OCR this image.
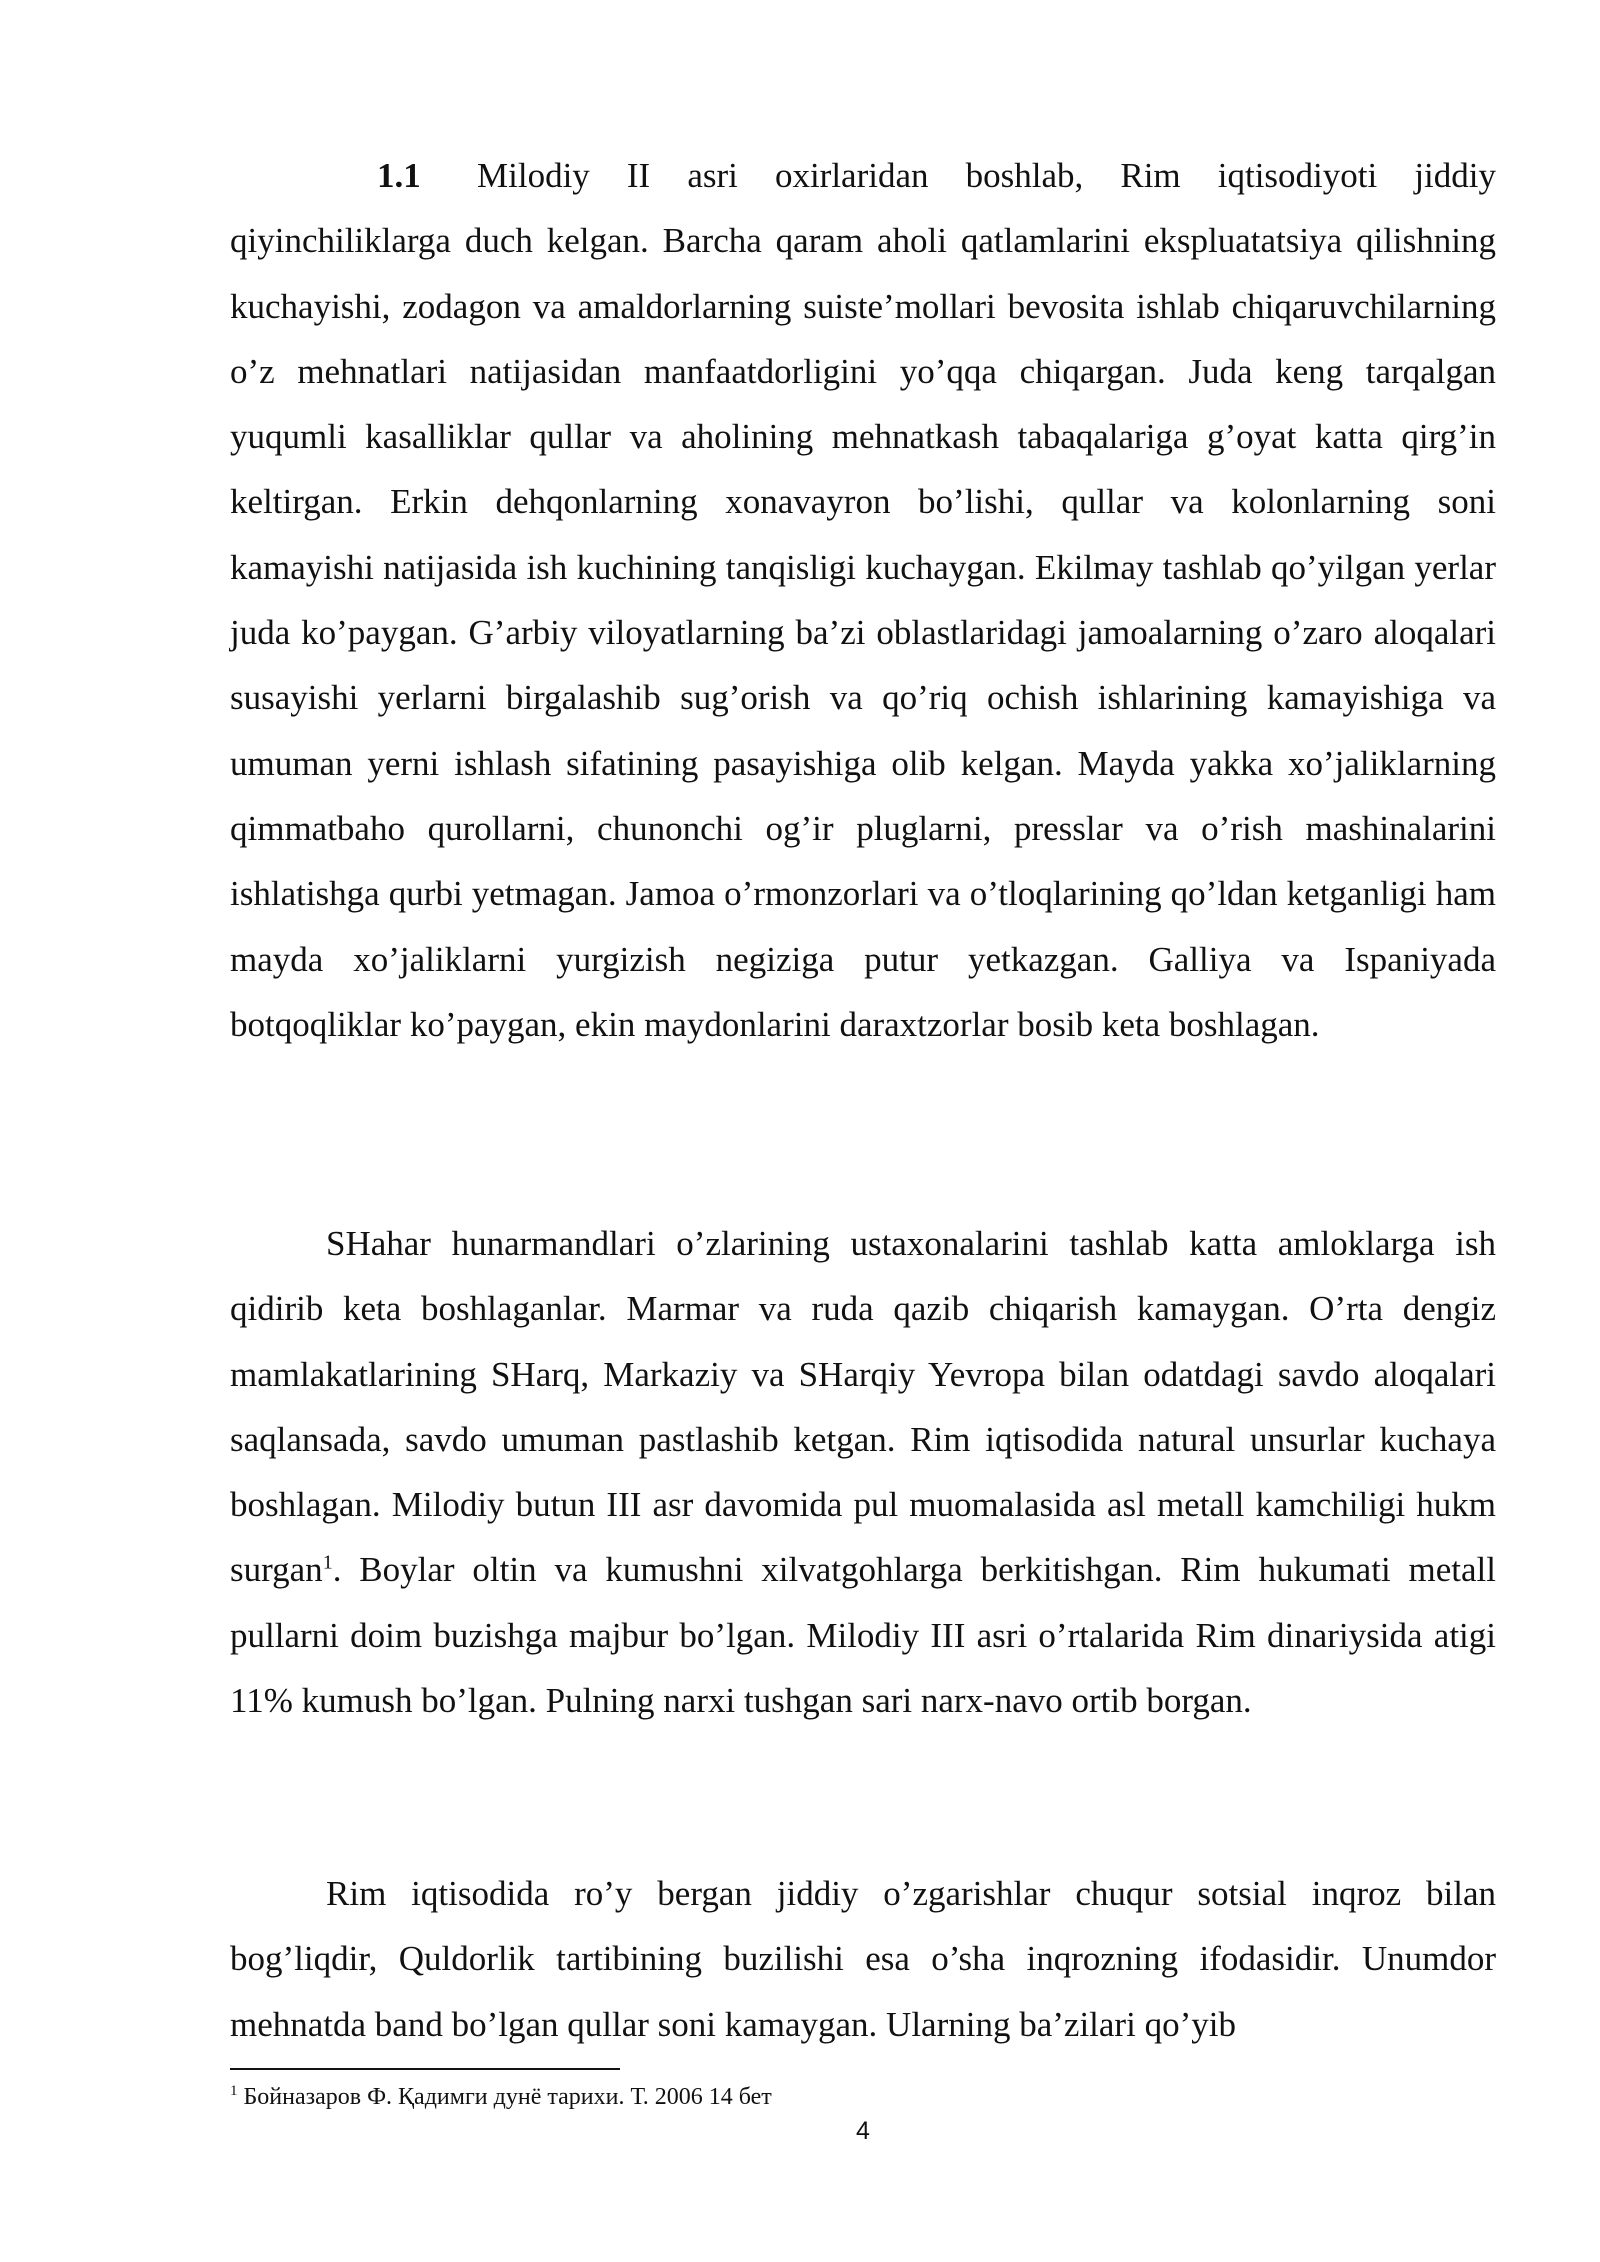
1.1 Milodiy II asri oxirlaridan boshlab, Rim iqtisodiyoti jiddiy qiyinchiliklarga duch kelgan. Barcha qaram aholi qatlamlarini ekspluatatsiya qilishning kuchayishi, zodagon va amaldorlarning suiste’mollari bevosita ishlab chiqaruvchilarning o’z mehnatlari natijasidan manfaatdorligini yo’qqa chiqargan. Juda keng tarqalgan yuqumli kasalliklar qullar va aholining mehnatkash tabaqalariga g’oyat katta qirg’in keltirgan. Erkin dehqonlarning xonavayron bo’lishi, qullar va kolonlarning soni kamayishi natijasida ish kuchining tanqisligi kuchaygan. Ekilmay tashlab qo’yilgan yerlar juda ko’paygan. G’arbiy viloyatlarning ba’zi oblastlaridagi jamoalarning o’zaro aloqalari susayishi yerlarni birgalashib sug’orish va qo’riq ochish ishlarining kamayishiga va umuman yerni ishlash sifatining pasayishiga olib kelgan. Mayda yakka xo’jaliklarning qimmatbaho qurollarni, chunonchi og’ir pluglarni, presslar va o’rish mashinalarini ishlatishga qurbi yetmagan. Jamoa o’rmonzorlari va o’tloqlarining qo’ldan ketganligi ham mayda xo’jaliklarni yurgizish negiziga putur yetkazgan. Galliya va Ispaniyada botqoqliklar ko’paygan, ekin maydonlarini daraxtzorlar bosib keta boshlagan.

SHahar hunarmandlari o’zlarining ustaxonalarini tashlab katta amloklarga ish qidirib keta boshlaganlar. Marmar va ruda qazib chiqarish kamaygan. O’rta dengiz mamlakatlarining SHarq, Markaziy va SHarqiy Yevropa bilan odatdagi savdo aloqalari saqlansada, savdo umuman pastlashib ketgan. Rim iqtisodida natural unsurlar kuchaya boshlagan. Milodiy butun III asr davomida pul muomalasida asl metall kamchiligi hukm surgan$^1$. Boylar oltin va kumushni xilvatgohlarga berkitishgan. Rim hukumati metall pullarni doim buzishga majbur bo’lgan. Milodiy III asri o’rtalarida Rim dinariysida atigi 11% kumush bo’lgan. Pulning narxi tushgan sari narx-navo ortib borgan.

Rim iqtisodida ro’y bergan jiddiy o’zgarishlar chuqur sotsial inqroz bilan bog’liqdir, Quldorlik tartibining buzilishi esa o’sha inqrozning ifodasidir. Unumdor mehnatda band bo’lgan qullar soni kamaygan. Ularning ba’zilari qo’yib

$^1$ Бойназаров Ф. Қадимги дунё тарихи. Т. 2006 14 бет
4
